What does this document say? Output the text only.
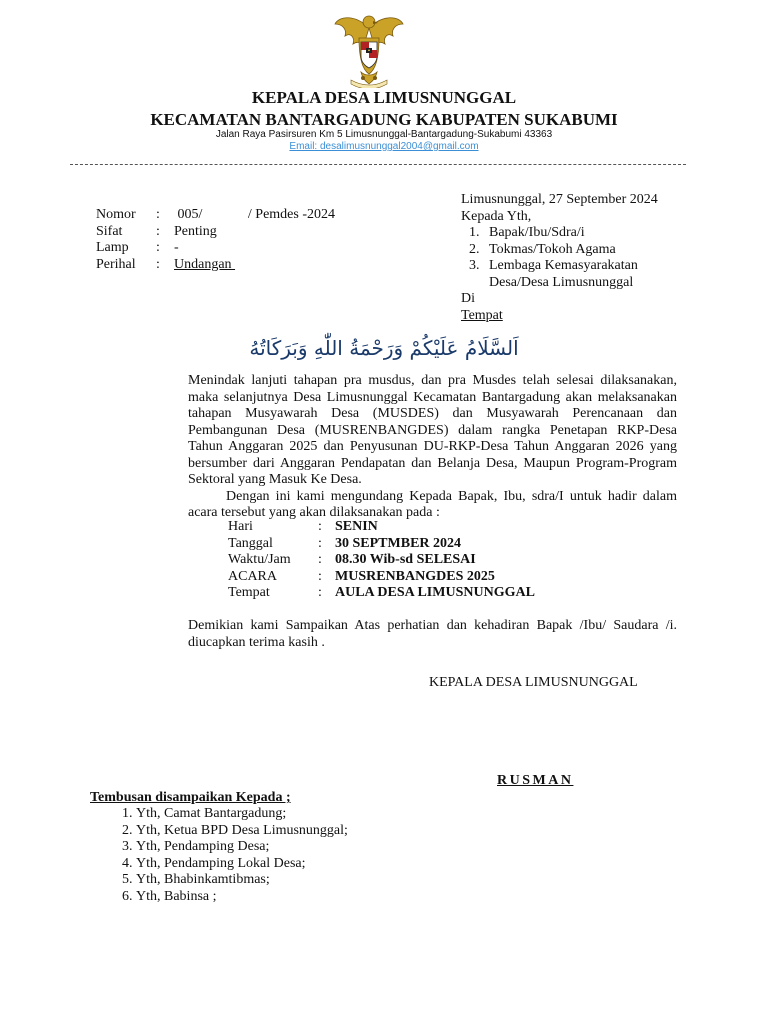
KEPALA DESA LIMUSNUNGGAL
KECAMATAN BANTARGADUNG KABUPATEN SUKABUMI
Jalan Raya Pasirsuren Km 5 Limusnunggal-Bantargadung-Sukabumi 43363
Email: desalimusnunggal2004@gmail.com
Nomor	:	005/             / Pemdes -2024
Sifat	:	Penting
Lamp	:	-
Perihal	:	Undangan
Limusnunggal, 27 September 2024
Kepada Yth,
1. Bapak/Ibu/Sdra/i
2. Tokmas/Tokoh Agama
3. Lembaga Kemasyarakatan Desa/Desa Limusnunggal
Di
Tempat
اَلسَّلَامُ عَلَيْكُمْ وَرَحْمَةُ اللّٰهِ وَبَرَكَاتُهُ

Menindak lanjuti tahapan pra musdus, dan pra Musdes telah selesai dilaksanakan, maka selanjutnya Desa Limusnunggal Kecamatan Bantargadung akan melaksanakan tahapan Musyawarah Desa (MUSDES) dan Musyawarah Perencanaan dan Pembangunan Desa (MUSRENBANGDES) dalam rangka Penetapan RKP-Desa Tahun Anggaran 2025 dan Penyusunan DU-RKP-Desa Tahun Anggaran 2026 yang bersumber dari Anggaran Pendapatan dan Belanja Desa, Maupun Program-Program Sektoral yang Masuk Ke Desa.

Dengan ini kami mengundang Kepada Bapak, Ibu, sdra/I untuk hadir dalam acara tersebut yang akan dilaksanakan pada :

Hari	: SENIN
Tanggal	: 30 SEPTMBER 2024
Waktu/Jam	: 08.30 Wib-sd SELESAI
ACARA	: MUSRENBANGDES 2025
Tempat	: AULA DESA LIMUSNUNGGAL
Demikian kami Sampaikan Atas perhatian dan kehadiran Bapak /Ibu/ Saudara /i. diucapkan terima kasih .
KEPALA DESA LIMUSNUNGGAL
RUSMAN
Tembusan disampaikan Kepada ;
1. Yth, Camat Bantargadung;
2. Yth, Ketua BPD Desa Limusnunggal;
3. Yth, Pendamping Desa;
4. Yth, Pendamping Lokal Desa;
5. Yth, Bhabinkamtibmas;
6. Yth, Babinsa ;
